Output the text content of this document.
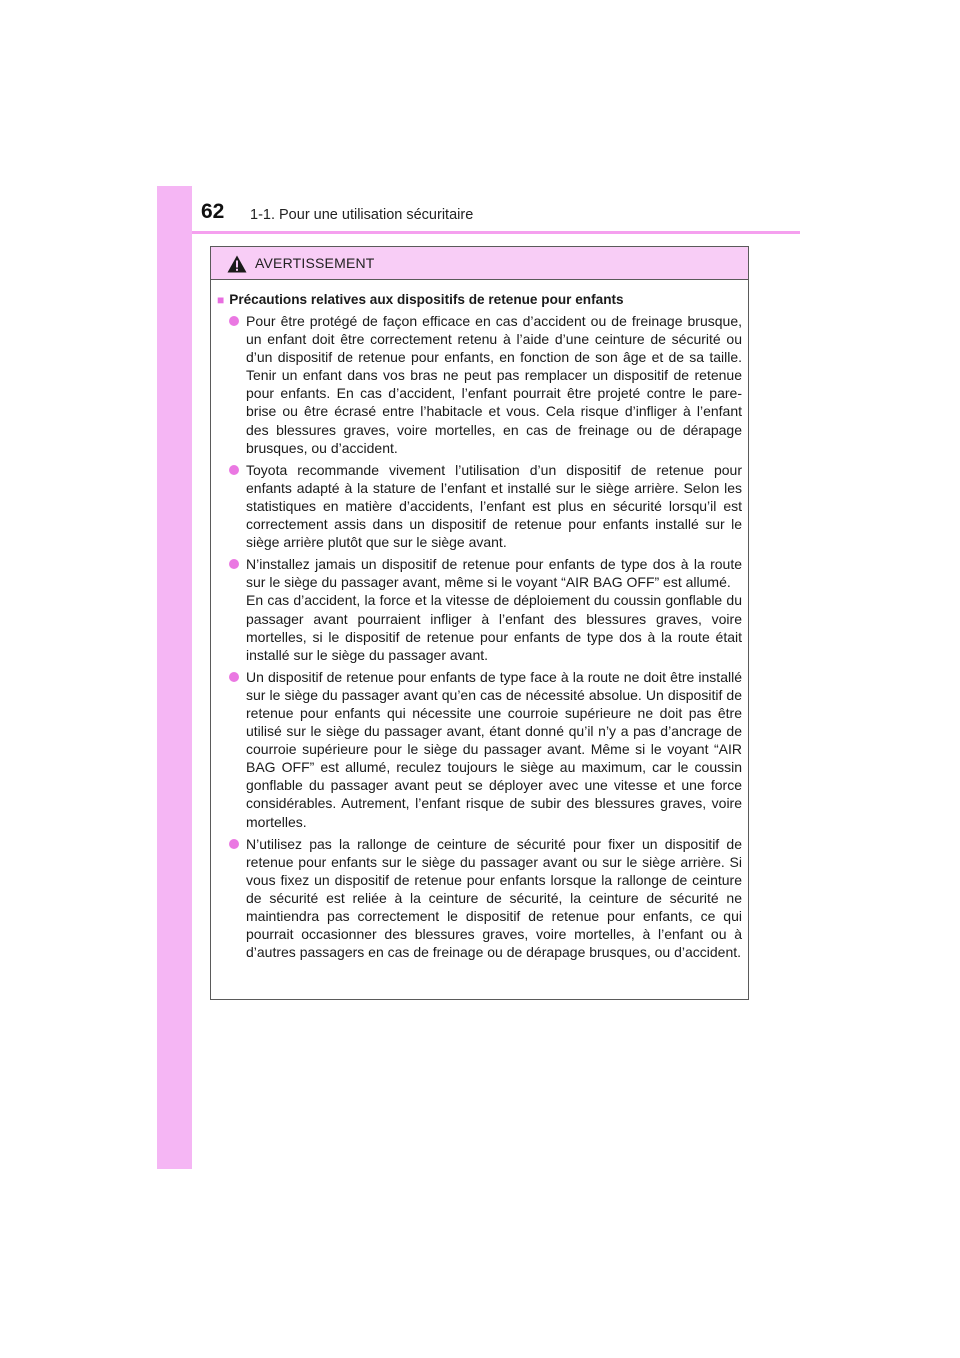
62 1-1. Pour une utilisation sécuritaire
AVERTISSEMENT
■ Précautions relatives aux dispositifs de retenue pour enfants

Pour être protégé de façon efficace en cas d’accident ou de freinage brusque, un enfant doit être correctement retenu à l’aide d’une ceinture de sécurité ou d’un dispositif de retenue pour enfants, en fonction de son âge et de sa taille. Tenir un enfant dans vos bras ne peut pas remplacer un dispositif de retenue pour enfants. En cas d’accident, l’enfant pourrait être projeté contre le pare-brise ou être écrasé entre l’habitacle et vous. Cela risque d’infliger à l’enfant des blessures graves, voire mortelles, en cas de freinage ou de dérapage brusques, ou d’accident.

Toyota recommande vivement l’utilisation d’un dispositif de retenue pour enfants adapté à la stature de l’enfant et installé sur le siège arrière. Selon les statistiques en matière d’accidents, l’enfant est plus en sécurité lorsqu’il est correctement assis dans un dispositif de retenue pour enfants installé sur le siège arrière plutôt que sur le siège avant.

N’installez jamais un dispositif de retenue pour enfants de type dos à la route sur le siège du passager avant, même si le voyant “AIR BAG OFF” est allumé.

En cas d’accident, la force et la vitesse de déploiement du coussin gonflable du passager avant pourraient infliger à l’enfant des blessures graves, voire mortelles, si le dispositif de retenue pour enfants de type dos à la route était installé sur le siège du passager avant.

Un dispositif de retenue pour enfants de type face à la route ne doit être installé sur le siège du passager avant qu’en cas de nécessité absolue. Un dispositif de retenue pour enfants qui nécessite une courroie supérieure ne doit pas être utilisé sur le siège du passager avant, étant donné qu’il n’y a pas d’ancrage de courroie supérieure pour le siège du passager avant. Même si le voyant “AIR BAG OFF” est allumé, reculez toujours le siège au maximum, car le coussin gonflable du passager avant peut se déployer avec une vitesse et une force considérables. Autrement, l’enfant risque de subir des blessures graves, voire mortelles.

N’utilisez pas la rallonge de ceinture de sécurité pour fixer un dispositif de retenue pour enfants sur le siège du passager avant ou sur le siège arrière. Si vous fixez un dispositif de retenue pour enfants lorsque la rallonge de ceinture de sécurité est reliée à la ceinture de sécurité, la ceinture de sécurité ne maintiendra pas correctement le dispositif de retenue pour enfants, ce qui pourrait occasionner des blessures graves, voire mortelles, à l’enfant ou à d’autres passagers en cas de freinage ou de dérapage brusques, ou d’accident.
